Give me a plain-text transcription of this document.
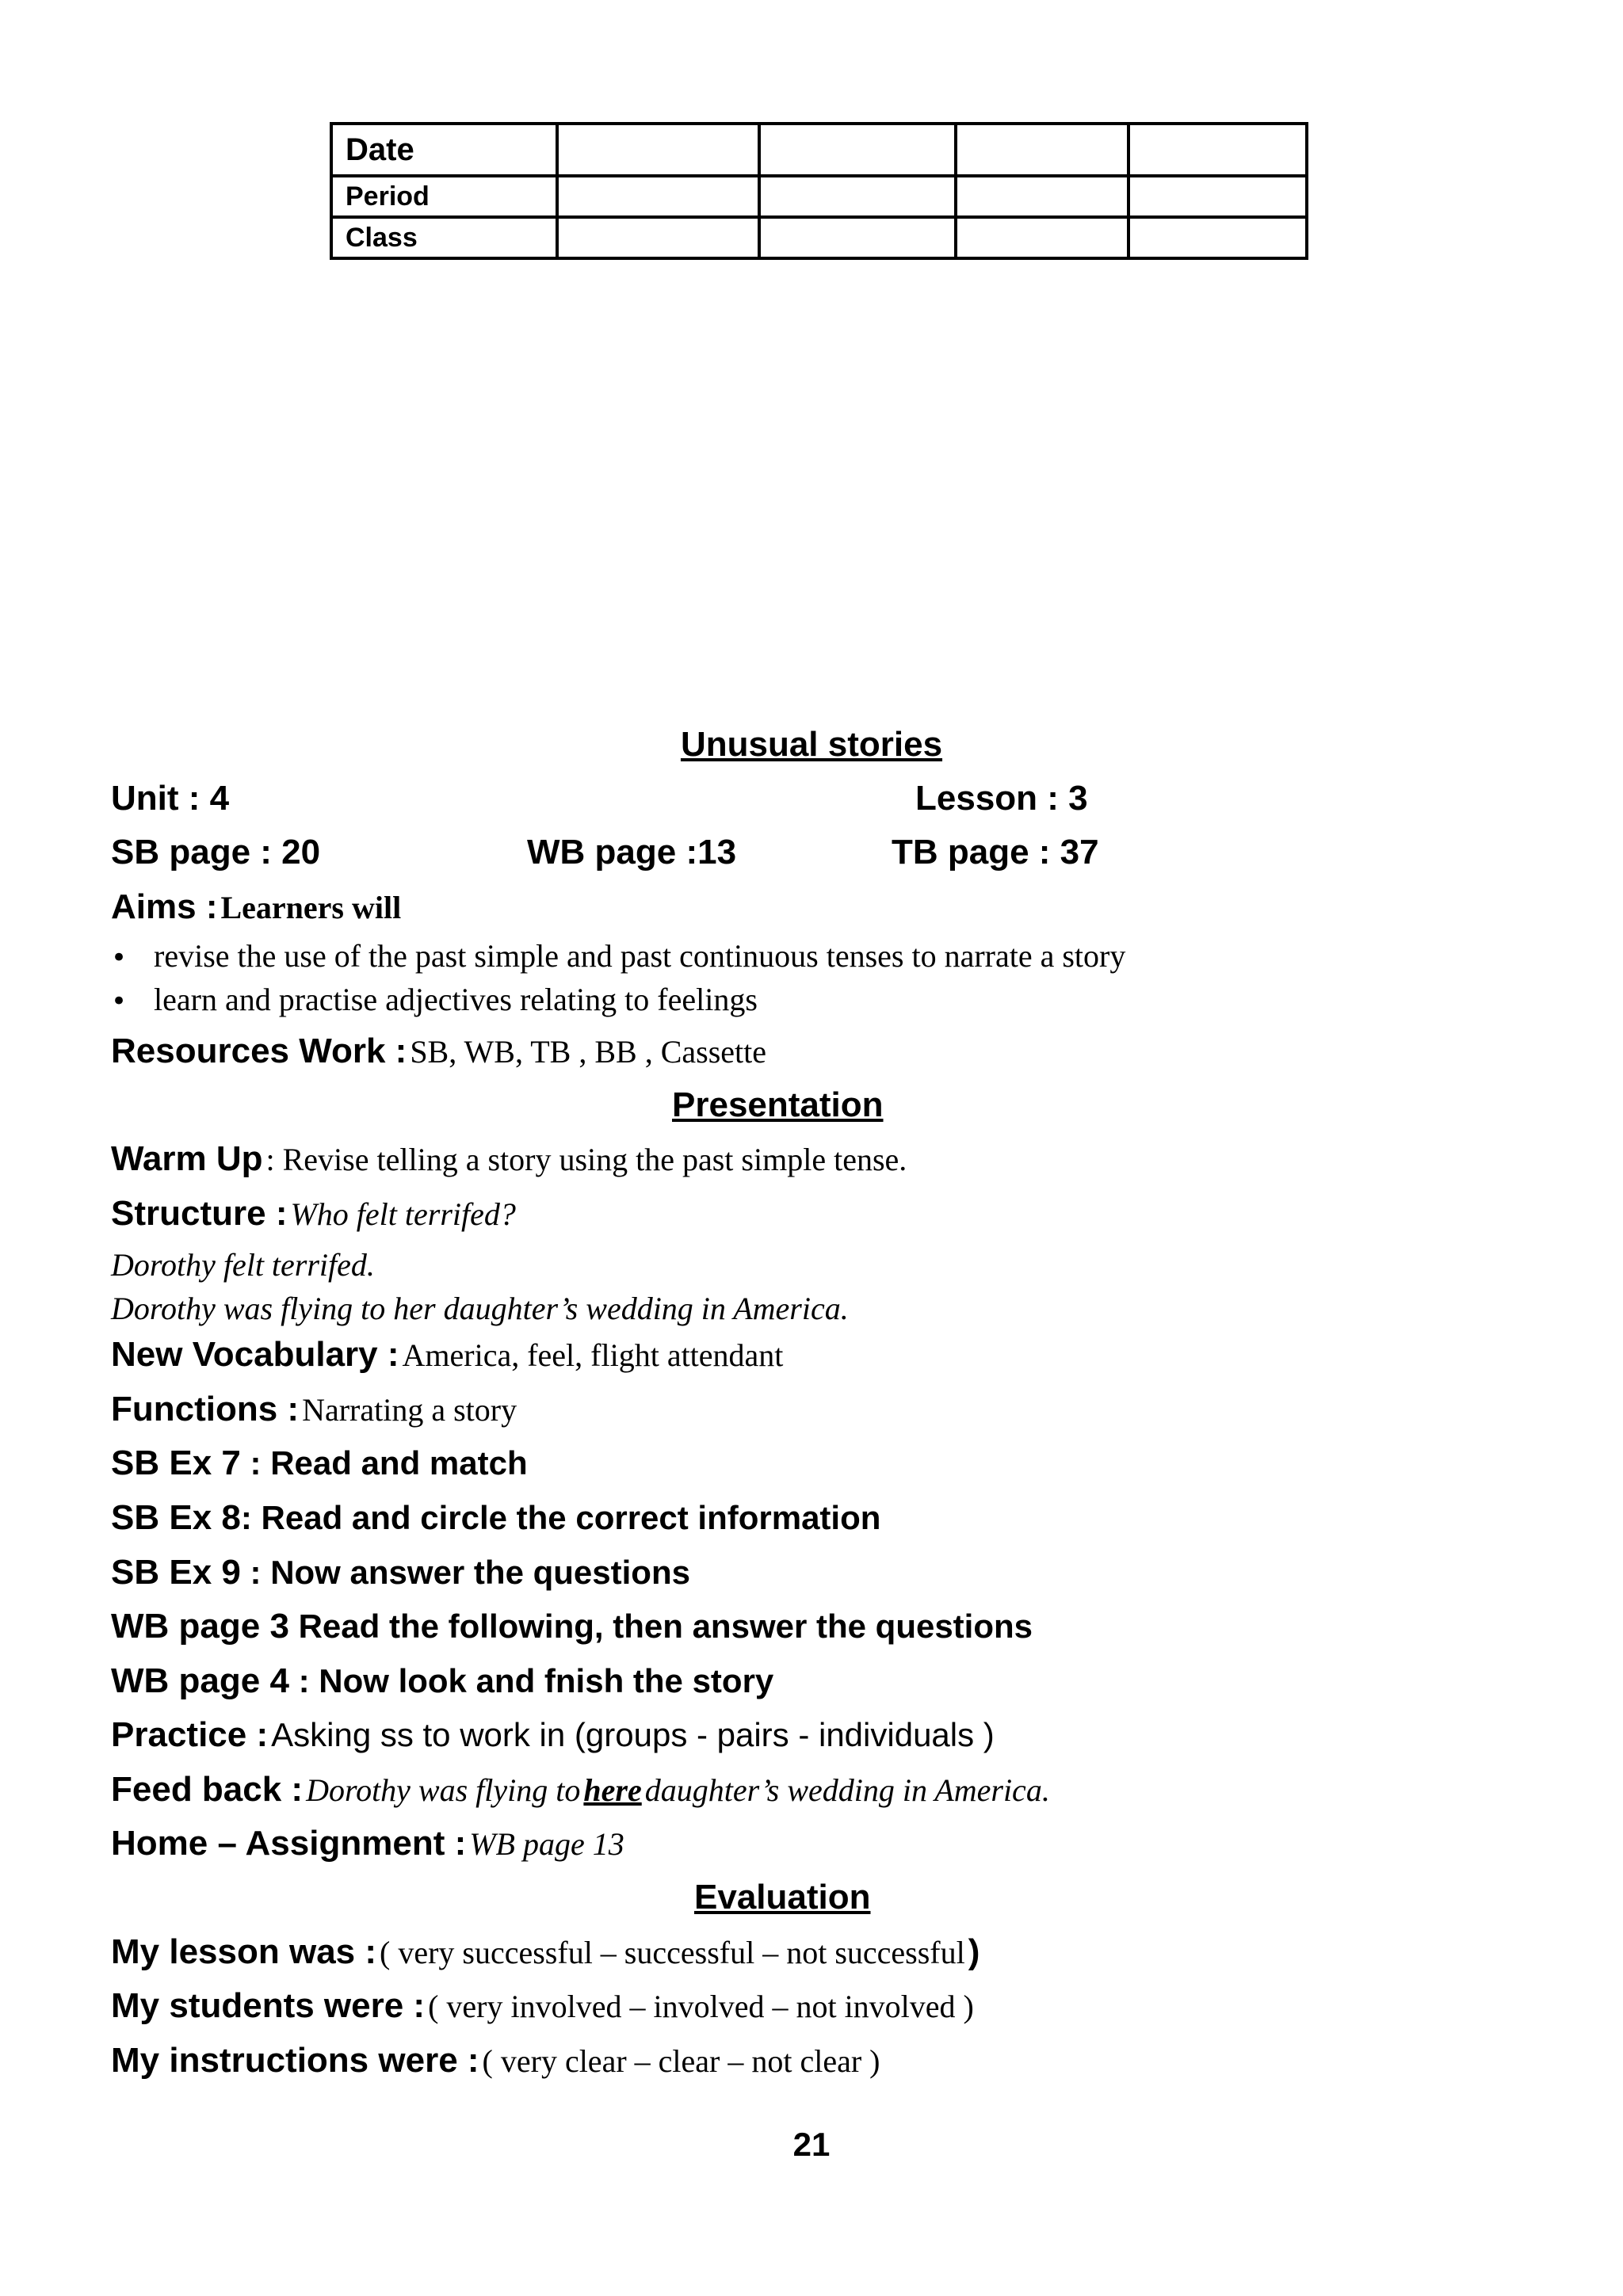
Date				
Period				
Class				
Unusual stories
Unit : 4	Lesson : 3
SB page : 20	WB page :13	TB page : 37
Aims : Learners will
• revise the use of the past simple and past continuous tenses to narrate a story
• learn and practise adjectives relating to feelings
Resources Work : SB, WB, TB , BB , Cassette
Presentation
Warm Up : Revise telling a story using the past simple tense.
Structure : Who felt terrifed?
Dorothy felt terrifed.
Dorothy was flying to her daughter’s wedding in America.
New Vocabulary : America, feel, flight attendant
Functions : Narrating a story
SB Ex 7 : Read and match
SB Ex 8: Read and circle the correct information
SB Ex 9 : Now answer the questions
WB page 3 Read the following, then answer the questions
WB page 4 : Now look and fnish the story
Practice : Asking ss to work in (groups - pairs - individuals )
Feed back : Dorothy was flying to here daughter’s wedding in America.
Home – Assignment : WB page 13
Evaluation
My lesson was : ( very successful – successful – not successful )
My students were : ( very involved – involved – not involved )
My instructions were : ( very clear – clear – not clear )
21
